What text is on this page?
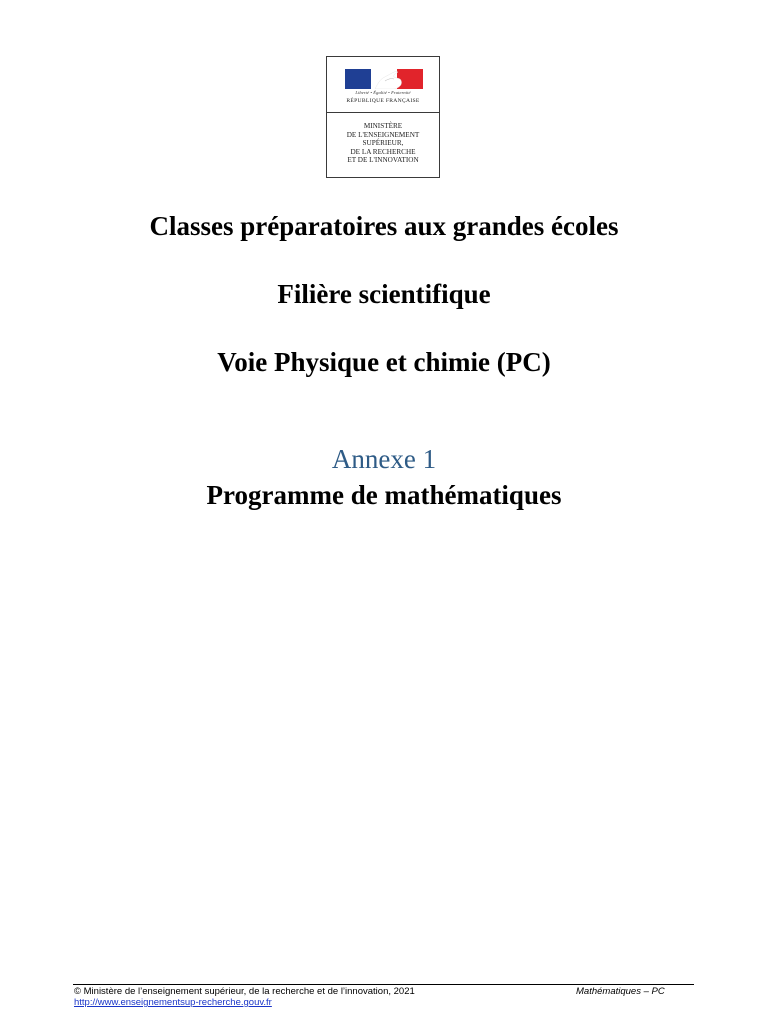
Liberté • Égalité • Fraternité
RÉPUBLIQUE FRANÇAISE
MINISTÈRE
DE L'ENSEIGNEMENT
SUPÉRIEUR,
DE LA RECHERCHE
ET DE L'INNOVATION
Classes préparatoires aux grandes écoles
Filière scientifique
Voie Physique et chimie (PC)
Annexe 1
Programme de mathématiques
© Ministère de l’enseignement supérieur, de la recherche et de l’innovation, 2021
http://www.enseignementsup-recherche.gouv.fr
Mathématiques – PC
